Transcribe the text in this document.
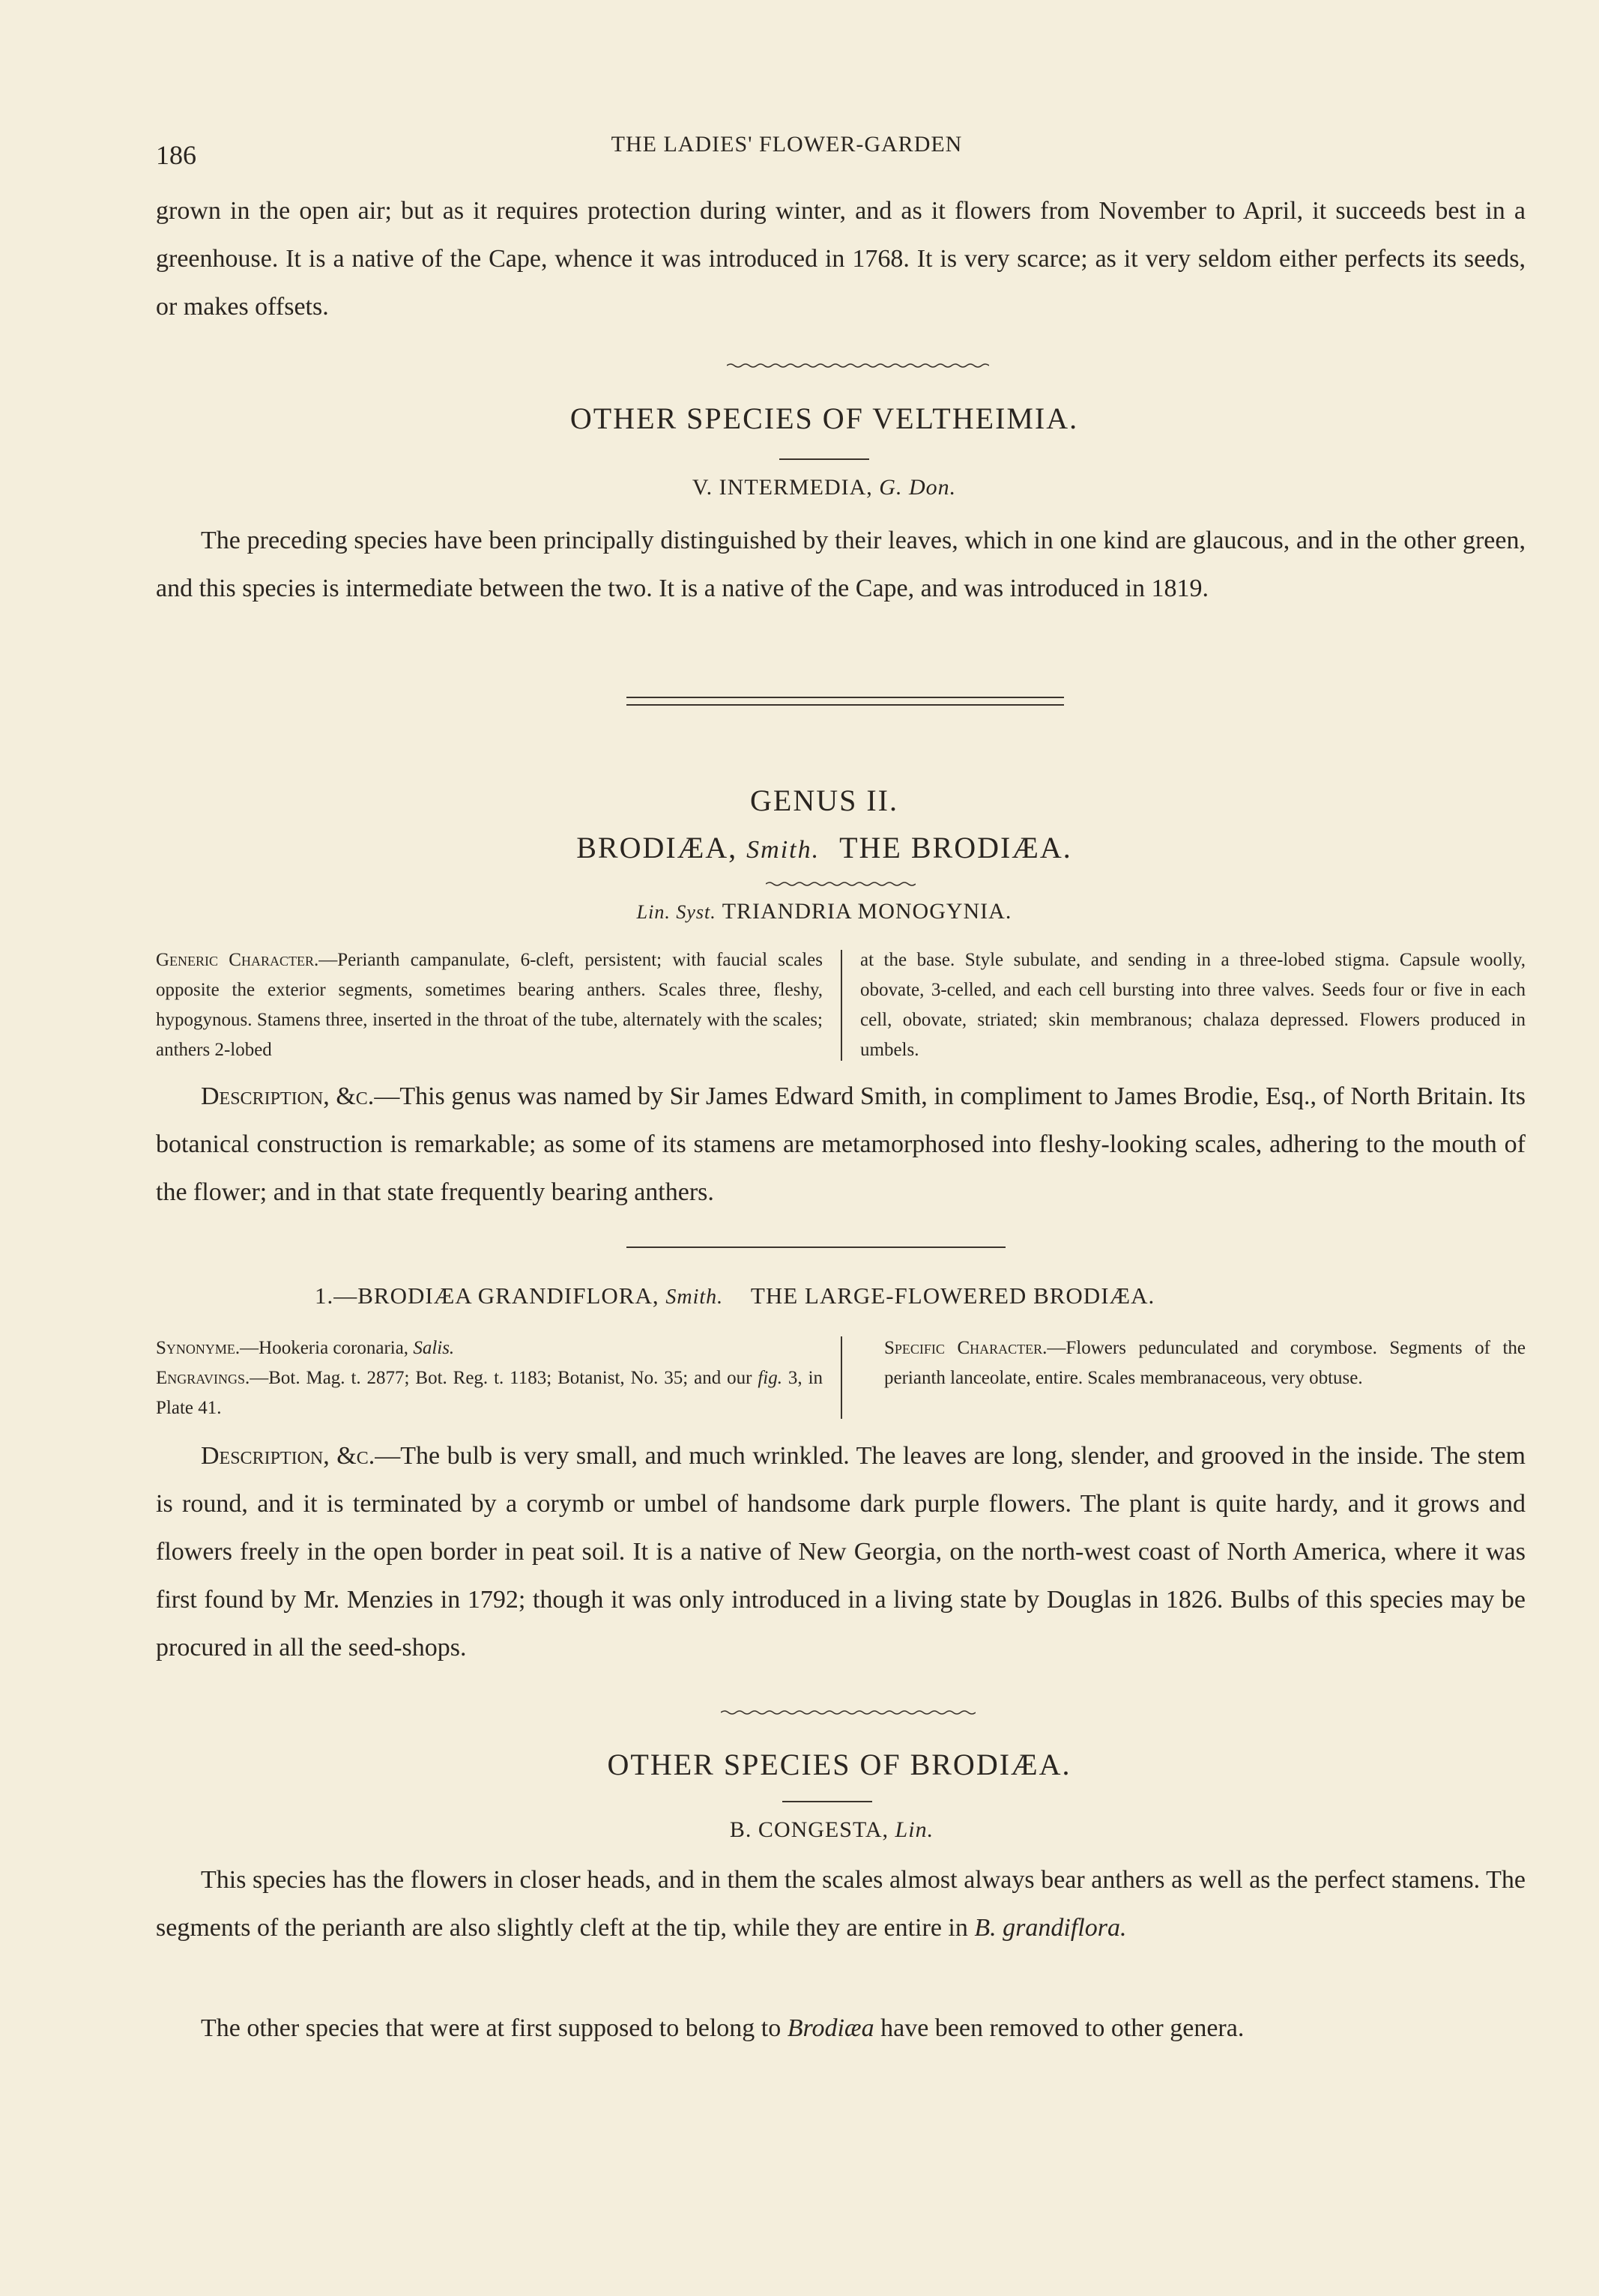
186	THE LADIES' FLOWER-GARDEN

grown in the open air; but as it requires protection during winter, and as it flowers from November to April, it succeeds best in a greenhouse. It is a native of the Cape, whence it was introduced in 1768. It is very scarce; as it very seldom either perfects its seeds, or makes offsets.

OTHER SPECIES OF VELTHEIMIA.
V. INTERMEDIA, G. Don.

The preceding species have been principally distinguished by their leaves, which in one kind are glaucous, and in the other green, and this species is intermediate between the two. It is a native of the Cape, and was introduced in 1819.

GENUS II.
BRODIÆA, Smith. THE BRODIÆA.
Lin. Syst. TRIANDRIA MONOGYNIA.
Generic Character.—Perianth campanulate, 6-cleft, persistent; with faucial scales opposite the exterior segments, sometimes bearing anthers. Scales three, fleshy, hypogynous. Stamens three, inserted in the throat of the tube, alternately with the scales; anthers 2-lobed
at the base. Style subulate, and sending in a three-lobed stigma. Capsule woolly, obovate, 3-celled, and each cell bursting into three valves. Seeds four or five in each cell, obovate, striated; skin membranous; chalaza depressed. Flowers produced in umbels.

Description, &c.—This genus was named by Sir James Edward Smith, in compliment to James Brodie, Esq., of North Britain. Its botanical construction is remarkable; as some of its stamens are metamorphosed into fleshy-looking scales, adhering to the mouth of the flower; and in that state frequently bearing anthers.

1.—BRODIÆA GRANDIFLORA, Smith. THE LARGE-FLOWERED BRODIÆA.
Synonyme.—Hookeria coronaria, Salis.
Engravings.—Bot. Mag. t. 2877; Bot. Reg. t. 1183; Botanist, No. 35; and our fig. 3, in Plate 41.
Specific Character.—Flowers pedunculated and corymbose. Segments of the perianth lanceolate, entire. Scales membranaceous, very obtuse.

Description, &c.—The bulb is very small, and much wrinkled. The leaves are long, slender, and grooved in the inside. The stem is round, and it is terminated by a corymb or umbel of handsome dark purple flowers. The plant is quite hardy, and it grows and flowers freely in the open border in peat soil. It is a native of New Georgia, on the north-west coast of North America, where it was first found by Mr. Menzies in 1792; though it was only introduced in a living state by Douglas in 1826. Bulbs of this species may be procured in all the seed-shops.

OTHER SPECIES OF BRODIÆA.
B. CONGESTA, Lin.

This species has the flowers in closer heads, and in them the scales almost always bear anthers as well as the perfect stamens. The segments of the perianth are also slightly cleft at the tip, while they are entire in B. grandiflora.

The other species that were at first supposed to belong to Brodiæa have been removed to other genera.
